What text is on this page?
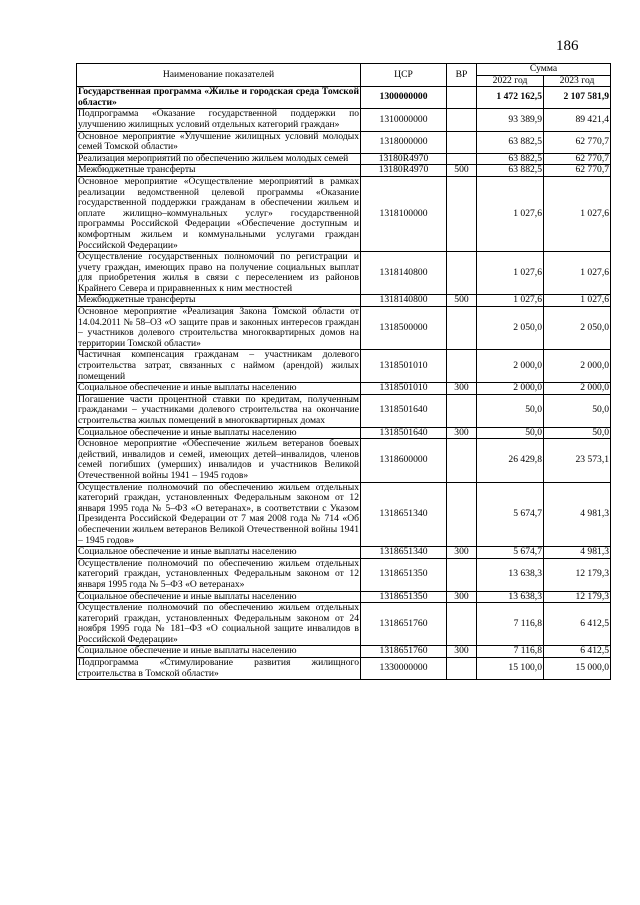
186
Наименование показателей	ЦСР	ВР	Сумма	
			2022 год	2023 год
Государственная программа «Жилье и городская среда Томской области»	1300000000		1 472 162,5	2 107 581,9
Подпрограмма «Оказание государственной поддержки по улучшению жилищных условий отдельных категорий граждан»	1310000000		93 389,9	89 421,4
Основное мероприятие «Улучшение жилищных условий молодых семей Томской области»	1318000000		63 882,5	62 770,7
Реализация мероприятий по обеспечению жильем молодых семей	13180R4970		63 882,5	62 770,7
Межбюджетные трансферты	13180R4970	500	63 882,5	62 770,7
Основное мероприятие «Осуществление мероприятий в рамках реализации ведомственной целевой программы «Оказание государственной поддержки гражданам в обеспечении жильем и оплате жилищно–коммунальных услуг» государственной программы Российской Федерации «Обеспечение доступным и комфортным жильем и коммунальными услугами граждан Российской Федерации»	1318100000		1 027,6	1 027,6
Осуществление государственных полномочий по регистрации и учету граждан, имеющих право на получение социальных выплат для приобретения жилья в связи с переселением из районов Крайнего Севера и приравненных к ним местностей	1318140800		1 027,6	1 027,6
Межбюджетные трансферты	1318140800	500	1 027,6	1 027,6
Основное мероприятие «Реализация Закона Томской области от 14.04.2011 № 58–ОЗ «О защите прав и законных интересов граждан – участников долевого строительства многоквартирных домов на территории Томской области»	1318500000		2 050,0	2 050,0
Частичная компенсация гражданам – участникам долевого строительства затрат, связанных с наймом (арендой) жилых помещений	1318501010		2 000,0	2 000,0
Социальное обеспечение и иные выплаты населению	1318501010	300	2 000,0	2 000,0
Погашение части процентной ставки по кредитам, полученным гражданами – участниками долевого строительства на окончание строительства жилых помещений в многоквартирных домах	1318501640		50,0	50,0
Социальное обеспечение и иные выплаты населению	1318501640	300	50,0	50,0
Основное мероприятие «Обеспечение жильем ветеранов боевых действий, инвалидов и семей, имеющих детей–инвалидов, членов семей погибших (умерших) инвалидов и участников Великой Отечественной войны 1941 – 1945 годов»	1318600000		26 429,8	23 573,1
Осуществление полномочий по обеспечению жильем отдельных категорий граждан, установленных Федеральным законом от 12 января 1995 года № 5–ФЗ «О ветеранах», в соответствии с Указом Президента Российской Федерации от 7 мая 2008 года № 714 «Об обеспечении жильем ветеранов Великой Отечественной войны 1941 – 1945 годов»	1318651340		5 674,7	4 981,3
Социальное обеспечение и иные выплаты населению	1318651340	300	5 674,7	4 981,3
Осуществление полномочий по обеспечению жильем отдельных категорий граждан, установленных Федеральным законом от 12 января 1995 года № 5–ФЗ «О ветеранах»	1318651350		13 638,3	12 179,3
Социальное обеспечение и иные выплаты населению	1318651350	300	13 638,3	12 179,3
Осуществление полномочий по обеспечению жильем отдельных категорий граждан, установленных Федеральным законом от 24 ноября 1995 года № 181–ФЗ «О социальной защите инвалидов в Российской Федерации»	1318651760		7 116,8	6 412,5
Социальное обеспечение и иные выплаты населению	1318651760	300	7 116,8	6 412,5
Подпрограмма «Стимулирование развития жилищного строительства в Томской области»	1330000000		15 100,0	15 000,0
